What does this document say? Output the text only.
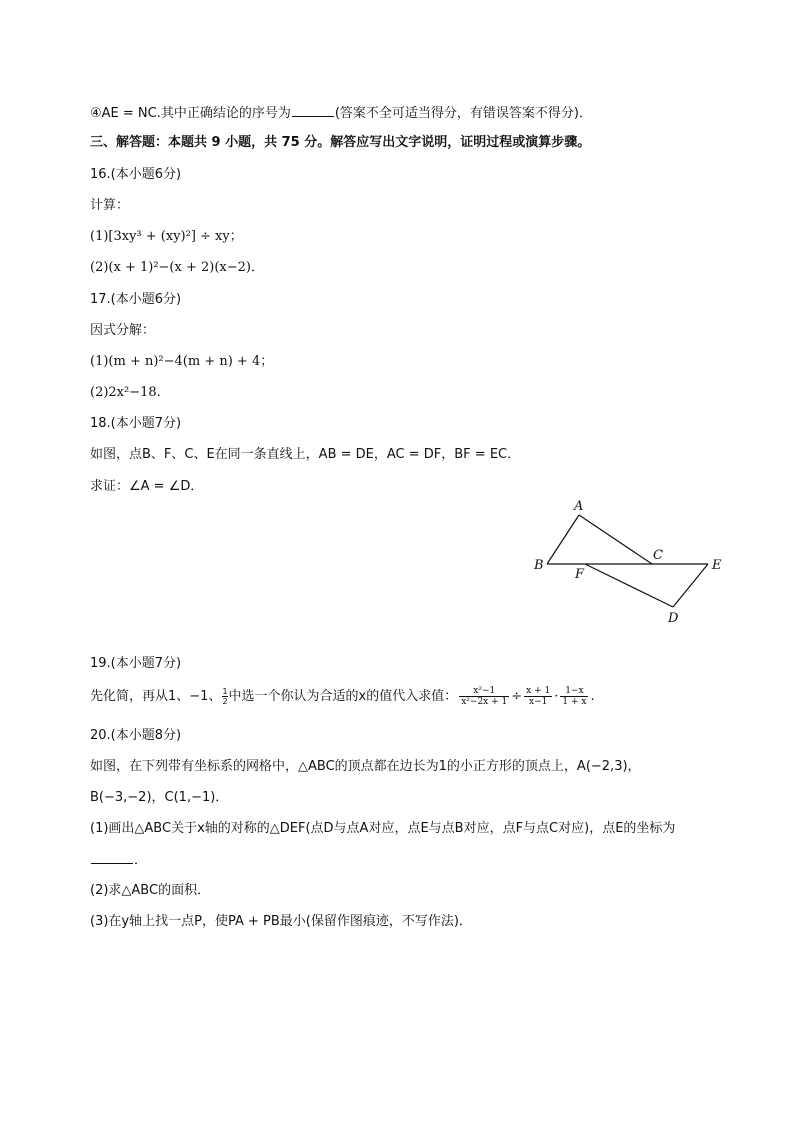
④AE = NC.其中正确结论的序号为	(答案不全可适当得分，有错误答案不得分)．
三、解答题：本题共 9 小题，共 75 分。解答应写出文字说明，证明过程或演算步骤。
16.(本小题6分)
计算：
(1)[3xy³ + (xy)²] ÷ xy；
(2)(x + 1)²−(x + 2)(x−2)．
17.(本小题6分)
因式分解：
(1)(m + n)²−4(m + n) + 4；
(2)2x²−18.
18.(本小题7分)
如图，点B、F、C、E在同一条直线上，AB = DE，AC = DF，BF = EC．
求证：∠A = ∠D．
A
B
C
E
F
D
19.(本小题7分)
先化简，再从1、−1、 $\frac{1}{2}$中选一个你认为合适的x的值代入求值： $\frac{\text{x²−1}}{\text{x²−2x + 1}} \div \frac{x + 1}{x-1} \cdot \frac{1-x}{1 + x}$ .
20.(本小题8分)
如图，在下列带有坐标系的网格中，△ABC的顶点都在边长为1的小正方形的顶点上，A(−2,3)，
B(−3,−2)，C(1,−1)．
(1)画出△ABC关于x轴的对称的△DEF(点D与点A对应，点E与点B对应，点F与点C对应)，点E的坐标为
．
(2)求△ABC的面积．
(3)在y轴上找一点P，使PA + PB最小(保留作图痕迹，不写作法)．
